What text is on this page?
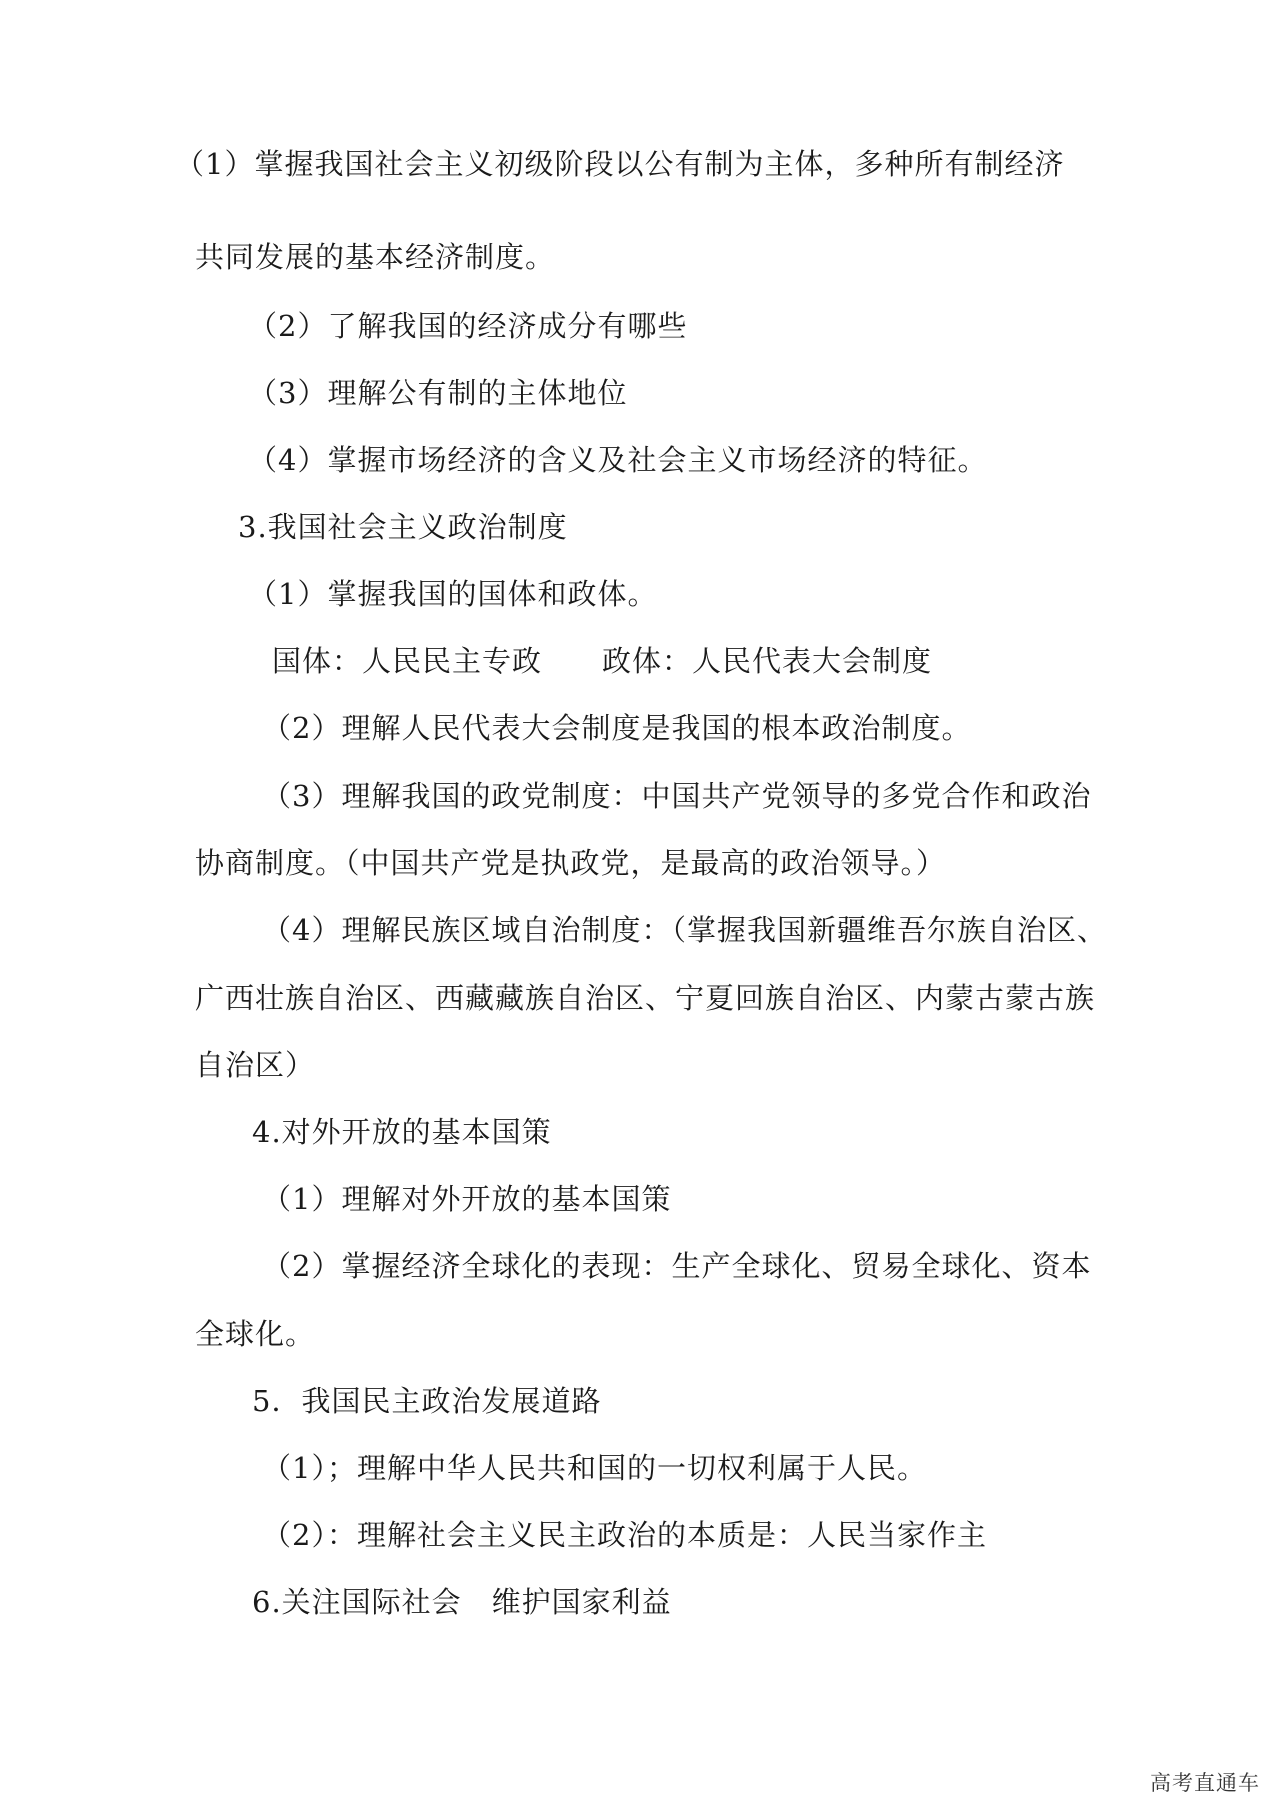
（1）掌握我国社会主义初级阶段以公有制为主体，多种所有制经济
共同发展的基本经济制度。
（2）了解我国的经济成分有哪些
（3）理解公有制的主体地位
（4）掌握市场经济的含义及社会主义市场经济的特征。
3.我国社会主义政治制度
（1）掌握我国的国体和政体。
国体：人民民主专政　　政体：人民代表大会制度
（2）理解人民代表大会制度是我国的根本政治制度。
（3）理解我国的政党制度：中国共产党领导的多党合作和政治
协商制度。（中国共产党是执政党，是最高的政治领导。）
（4）理解民族区域自治制度：（掌握我国新疆维吾尔族自治区、
广西壮族自治区、西藏藏族自治区、宁夏回族自治区、内蒙古蒙古族
自治区）
4.对外开放的基本国策
（1）理解对外开放的基本国策
（2）掌握经济全球化的表现：生产全球化、贸易全球化、资本
全球化。
5．我国民主政治发展道路
（1）；理解中华人民共和国的一切权利属于人民。
（2）：理解社会主义民主政治的本质是：人民当家作主
6.关注国际社会　维护国家利益
高考直通车
